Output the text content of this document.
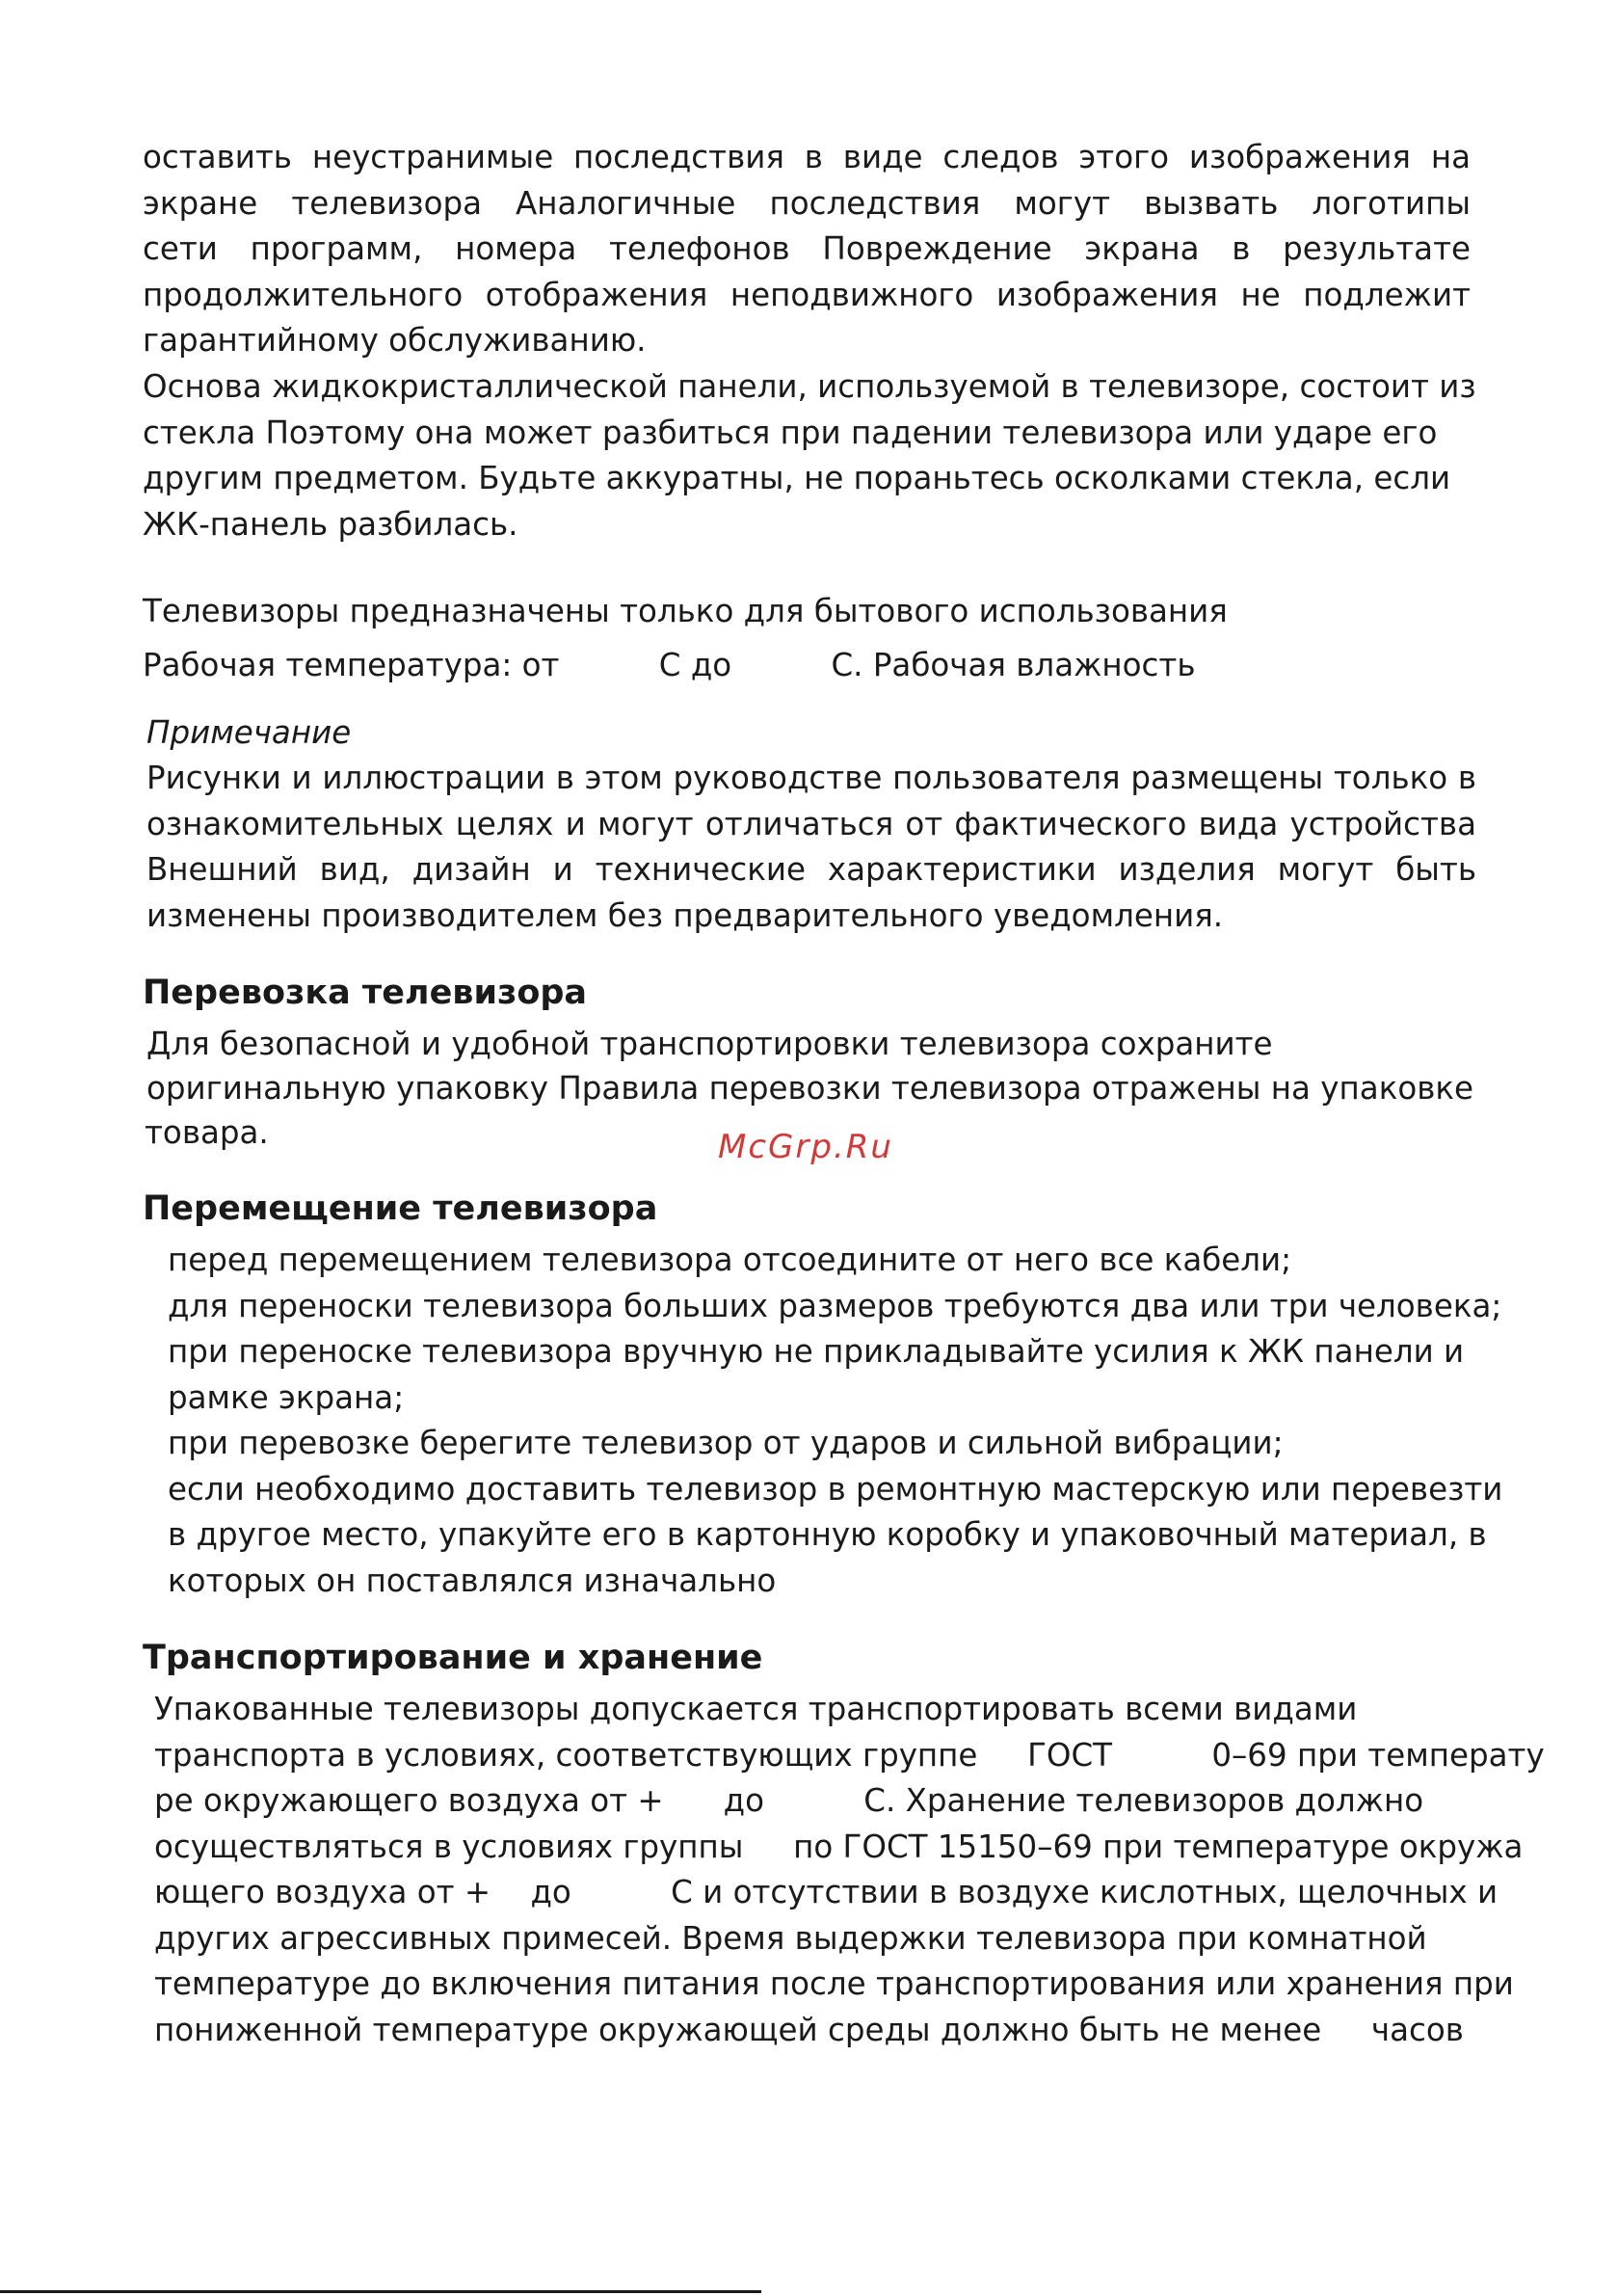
оставить неустранимые последствия в виде следов этого изображения на
экране телевизора Аналогичные последствия могут вызвать логотипы
сети программ, номера телефонов Повреждение экрана в результате
продолжительного отображения неподвижного изображения не подлежит
гарантийному обслуживанию.
Основа жидкокристаллической панели, используемой в телевизоре, состоит из
стекла Поэтому она может разбиться при падении телевизора или ударе его
другим предметом. Будьте аккуратны, не пораньтесь осколками стекла, если
ЖК-панель разбилась.
Телевизоры предназначены только для бытового использования
Рабочая температура: от          С до          С. Рабочая влажность
Примечание
Рисунки и иллюстрации в этом руководстве пользователя размещены только в
ознакомительных целях и могут отличаться от фактического вида устройства
Внешний вид, дизайн и технические характеристики изделия могут быть
изменены производителем без предварительного уведомления.
Перевозка телевизора
Для безопасной и удобной транспортировки телевизора сохраните
оригинальную упаковку Правила перевозки телевизора отражены на упаковке
товара.	McGrp.Ru
Перемещение телевизора
перед перемещением телевизора отсоедините от него все кабели;
для переноски телевизора больших размеров требуются два или три человека;
при переноске телевизора вручную не прикладывайте усилия к ЖК панели и
рамке экрана;
при перевозке берегите телевизор от ударов и сильной вибрации;
если необходимо доставить телевизор в ремонтную мастерскую или перевезти
в другое место, упакуйте его в картонную коробку и упаковочный материал, в
которых он поставлялся изначально
Транспортирование и хранение
Упакованные телевизоры допускается транспортировать всеми видами
транспорта в условиях, соответствующих группе     ГОСТ          0–69 при температу
ре окружающего воздуха от +      до          С. Хранение телевизоров должно
осуществляться в условиях группы     по ГОСТ 15150–69 при температуре окружа
ющего воздуха от +    до          С и отсутствии в воздухе кислотных, щелочных и
других агрессивных примесей. Время выдержки телевизора при комнатной
температуре до включения питания после транспортирования или хранения при
пониженной температуре окружающей среды должно быть не менее     часов
